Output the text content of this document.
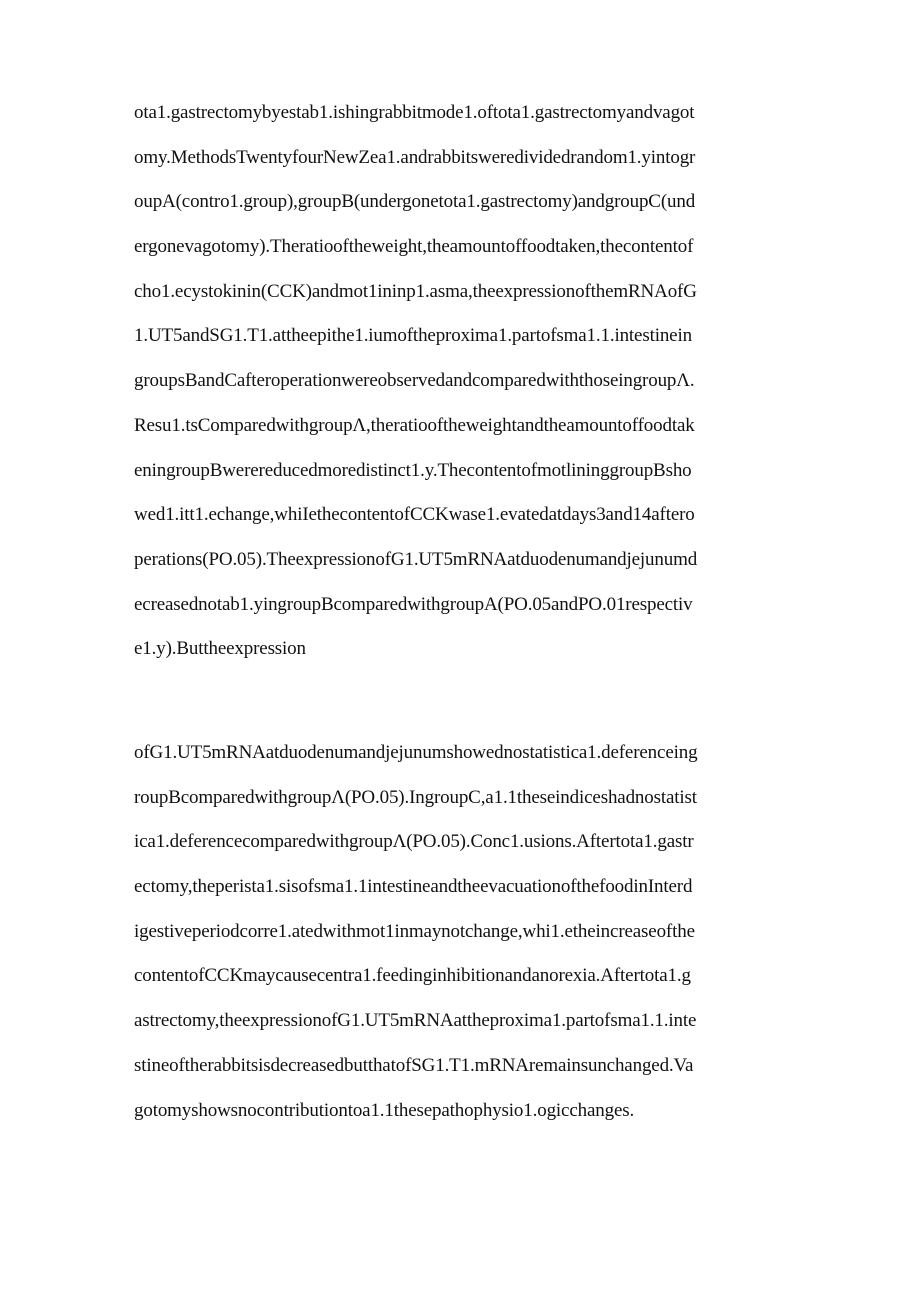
ota1.gastrectomybyestab1.ishingrabbitmode1.oftota1.gastrectomyandvagot
omy.MethodsTwentyfourNewZea1.andrabbitsweredividedrandom1.yintogr
oupA(contro1.group),groupB(undergonetota1.gastrectomy)andgroupC(und
ergonevagotomy).Theratiooftheweight,theamountoffoodtaken,thecontentof
cho1.ecystokinin(CCK)andmot1ininp1.asma,theexpressionofthemRNAofG
1.UT5andSG1.T1.attheepithe1.iumoftheproxima1.partofsma1.1.intestinein
groupsBandCafteroperationwereobservedandcomparedwiththoseingroupΛ.
Resu1.tsComparedwithgroupΛ,theratiooftheweightandtheamountoffoodtak
eningroupBwerereducedmoredistinct1.y.ThecontentofmotlininggroupBsho
wed1.itt1.echange,whiIethecontentofCCKwase1.evatedatdays3and14aftero
perations(PO.05).TheexpressionofG1.UT5mRNAatduodenumandjejunumd
ecreasednotab1.yingroupBcomparedwithgroupA(PO.05andPO.01respectiv
e1.y).Buttheexpression

ofG1.UT5mRNAatduodenumandjejunumshowednostatistica1.deferenceing
roupBcomparedwithgroupΛ(PO.05).IngroupC,a1.1theseindiceshadnostatist
ica1.deferencecomparedwithgroupΛ(PO.05).Conc1.usions.Aftertota1.gastr
ectomy,theperista1.sisofsma1.1intestineandtheevacuationofthefoodinInterd
igestiveperiodcorre1.atedwithmot1inmaynotchange,whi1.etheincreaseofthe
contentofCCKmaycausecentra1.feedinginhibitionandanorexia.Aftertota1.g
astrectomy,theexpressionofG1.UT5mRNAattheproxima1.partofsma1.1.inte
stineoftherabbitsisdecreasedbutthatofSG1.T1.mRNAremainsunchanged.Va
gotomyshowsnocontributiontoa1.1thesepathophysio1.ogicchanges.
